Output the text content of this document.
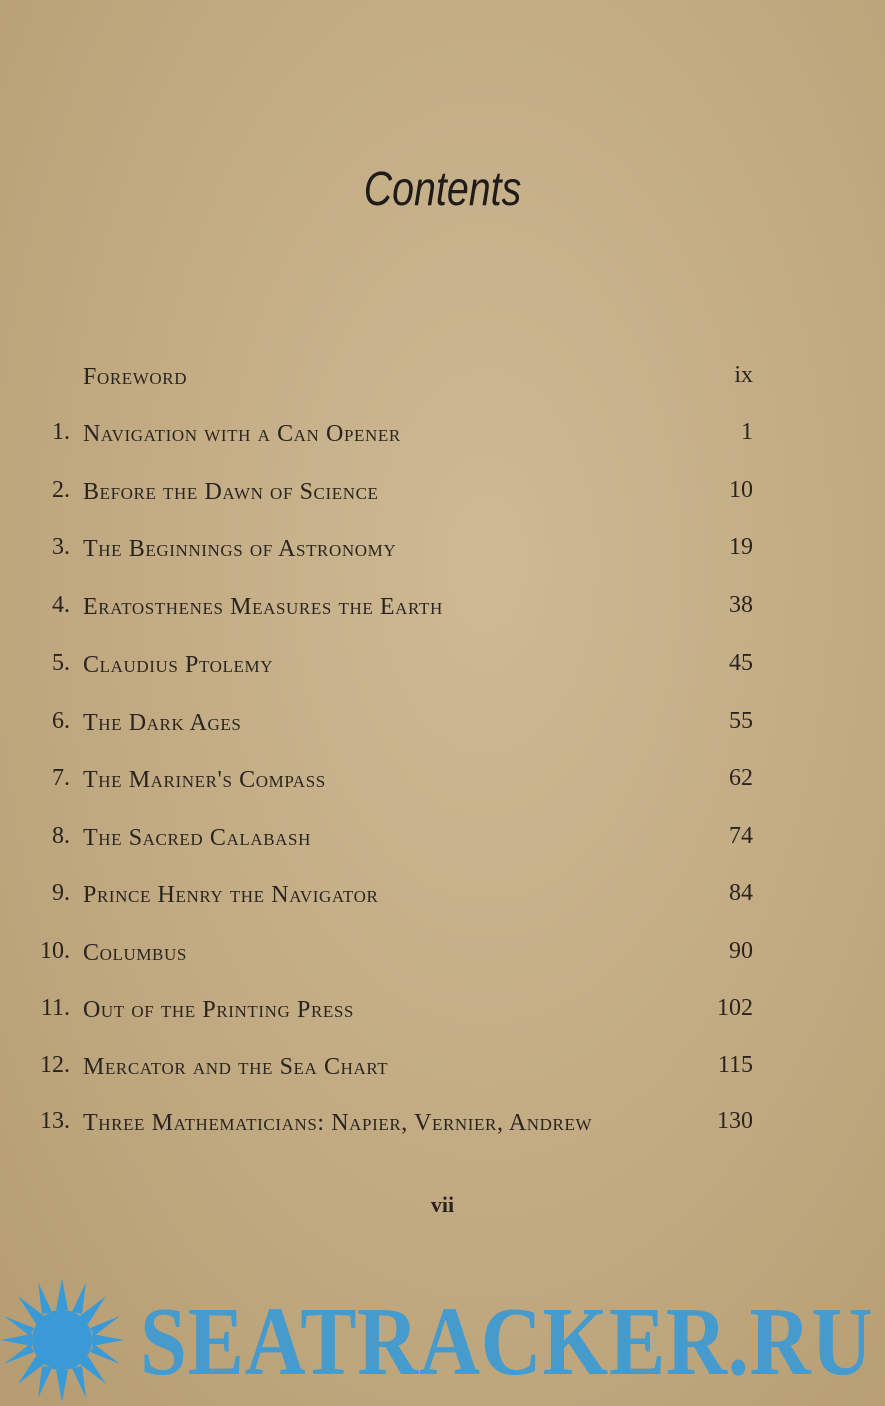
Contents
Foreword	ix
1. Navigation with a Can Opener	1
2. Before the Dawn of Science	10
3. The Beginnings of Astronomy	19
4. Eratosthenes Measures the Earth	38
5. Claudius Ptolemy	45
6. The Dark Ages	55
7. The Mariner's Compass	62
8. The Sacred Calabash	74
9. Prince Henry the Navigator	84
10. Columbus	90
11. Out of the Printing Press	102
12. Mercator and the Sea Chart	115
13. Three Mathematicians: Napier, Vernier, Andrew	130
vii
SEATRACKER.RU
